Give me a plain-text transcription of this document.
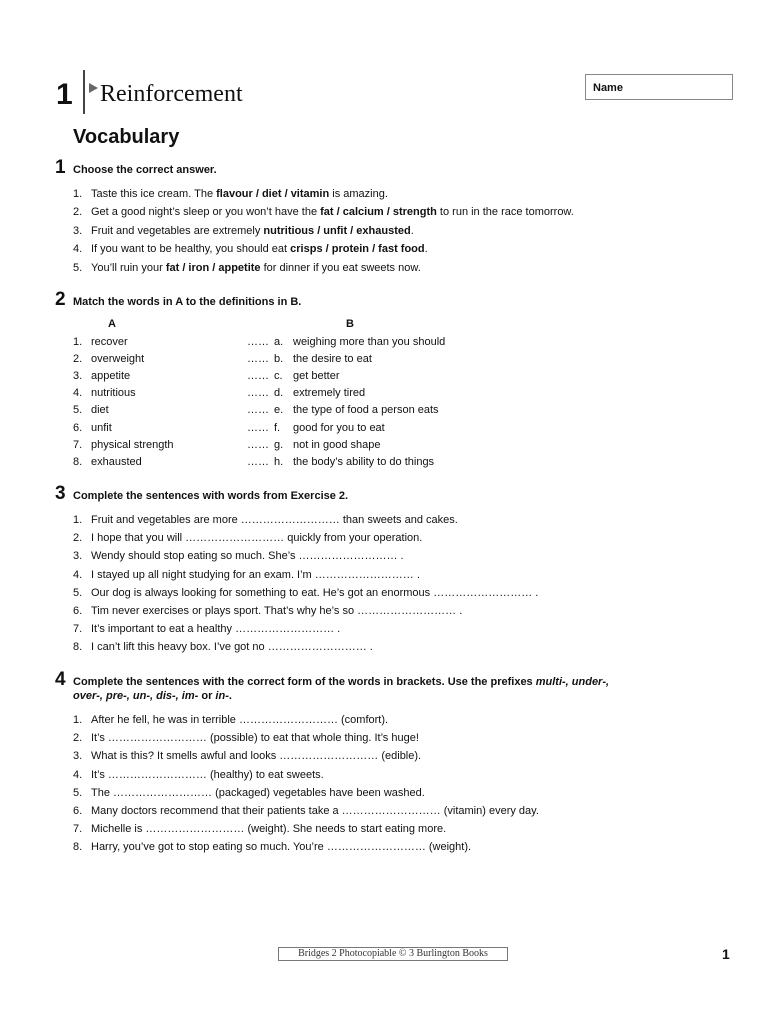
1 Reinforcement	Name
Vocabulary
1 Choose the correct answer.
1. Taste this ice cream. The flavour / diet / vitamin is amazing.
2. Get a good night’s sleep or you won’t have the fat / calcium / strength to run in the race tomorrow.
3. Fruit and vegetables are extremely nutritious / unfit / exhausted.
4. If you want to be healthy, you should eat crisps / protein / fast food.
5. You’ll ruin your fat / iron / appetite for dinner if you eat sweets now.
2 Match the words in A to the definitions in B.
A	B
1. recover	…… a. weighing more than you should
2. overweight	…… b. the desire to eat
3. appetite	…… c. get better
4. nutritious	…… d. extremely tired
5. diet	…… e. the type of food a person eats
6. unfit	…… f. good for you to eat
7. physical strength	…… g. not in good shape
8. exhausted	…… h. the body’s ability to do things
3 Complete the sentences with words from Exercise 2.
1. Fruit and vegetables are more ……………………… than sweets and cakes.
2. I hope that you will ……………………… quickly from your operation.
3. Wendy should stop eating so much. She’s ……………………… .
4. I stayed up all night studying for an exam. I’m ……………………… .
5. Our dog is always looking for something to eat. He’s got an enormous ……………………… .
6. Tim never exercises or plays sport. That’s why he’s so ……………………… .
7. It’s important to eat a healthy ……………………… .
8. I can’t lift this heavy box. I’ve got no ……………………… .
4 Complete the sentences with the correct form of the words in brackets. Use the prefixes multi-, under-,
over-, pre-, un-, dis-, im- or in-.
1. After he fell, he was in terrible ……………………… (comfort).
2. It’s ……………………… (possible) to eat that whole thing. It’s huge!
3. What is this? It smells awful and looks ……………………… (edible).
4. It’s ……………………… (healthy) to eat sweets.
5. The ……………………… (packaged) vegetables have been washed.
6. Many doctors recommend that their patients take a ……………………… (vitamin) every day.
7. Michelle is ……………………… (weight). She needs to start eating more.
8. Harry, you’ve got to stop eating so much. You’re ……………………… (weight).
Bridges 2 Photocopiable © 3 Burlington Books	1
